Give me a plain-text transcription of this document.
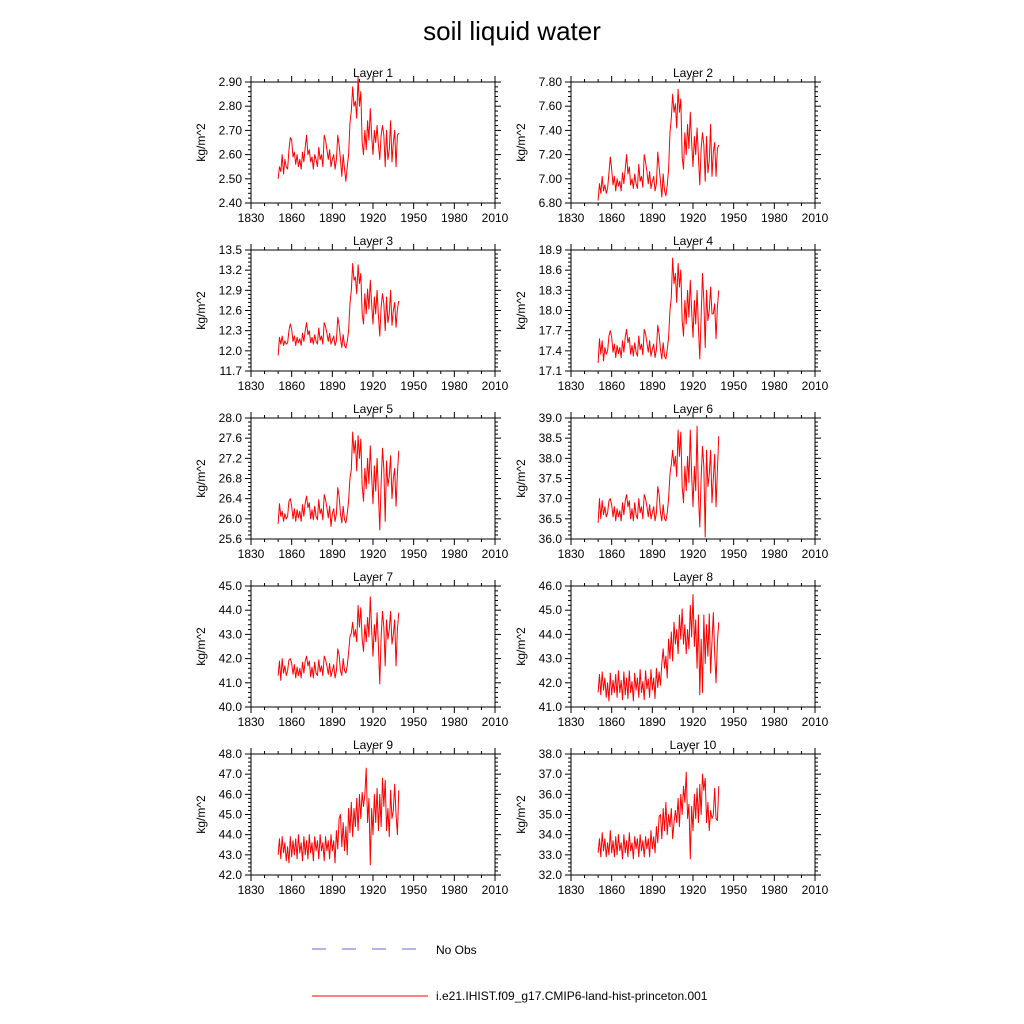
soil liquid water
Layer 1
kg/m^2
1830 1860 1890 1920 1950 1980 2010
2.40
2.50
2.60
2.70
2.80
2.90
Layer 2
kg/m^2
1830 1860 1890 1920 1950 1980 2010
6.80
7.00
7.20
7.40
7.60
7.80
Layer 3
kg/m^2
1830 1860 1890 1920 1950 1980 2010
11.7
12.0
12.3
12.6
12.9
13.2
13.5
Layer 4
kg/m^2
1830 1860 1890 1920 1950 1980 2010
17.1
17.4
17.7
18.0
18.3
18.6
18.9
Layer 5
kg/m^2
1830 1860 1890 1920 1950 1980 2010
25.6
26.0
26.4
26.8
27.2
27.6
28.0
Layer 6
kg/m^2
1830 1860 1890 1920 1950 1980 2010
36.0
36.5
37.0
37.5
38.0
38.5
39.0
Layer 7
kg/m^2
1830 1860 1890 1920 1950 1980 2010
40.0
41.0
42.0
43.0
44.0
45.0
Layer 8
kg/m^2
1830 1860 1890 1920 1950 1980 2010
41.0
42.0
43.0
44.0
45.0
46.0
Layer 9
kg/m^2
1830 1860 1890 1920 1950 1980 2010
42.0
43.0
44.0
45.0
46.0
47.0
48.0
Layer 10
kg/m^2
1830 1860 1890 1920 1950 1980 2010
32.0
33.0
34.0
35.0
36.0
37.0
38.0
No Obs
i.e21.IHIST.f09_g17.CMIP6-land-hist-princeton.001
